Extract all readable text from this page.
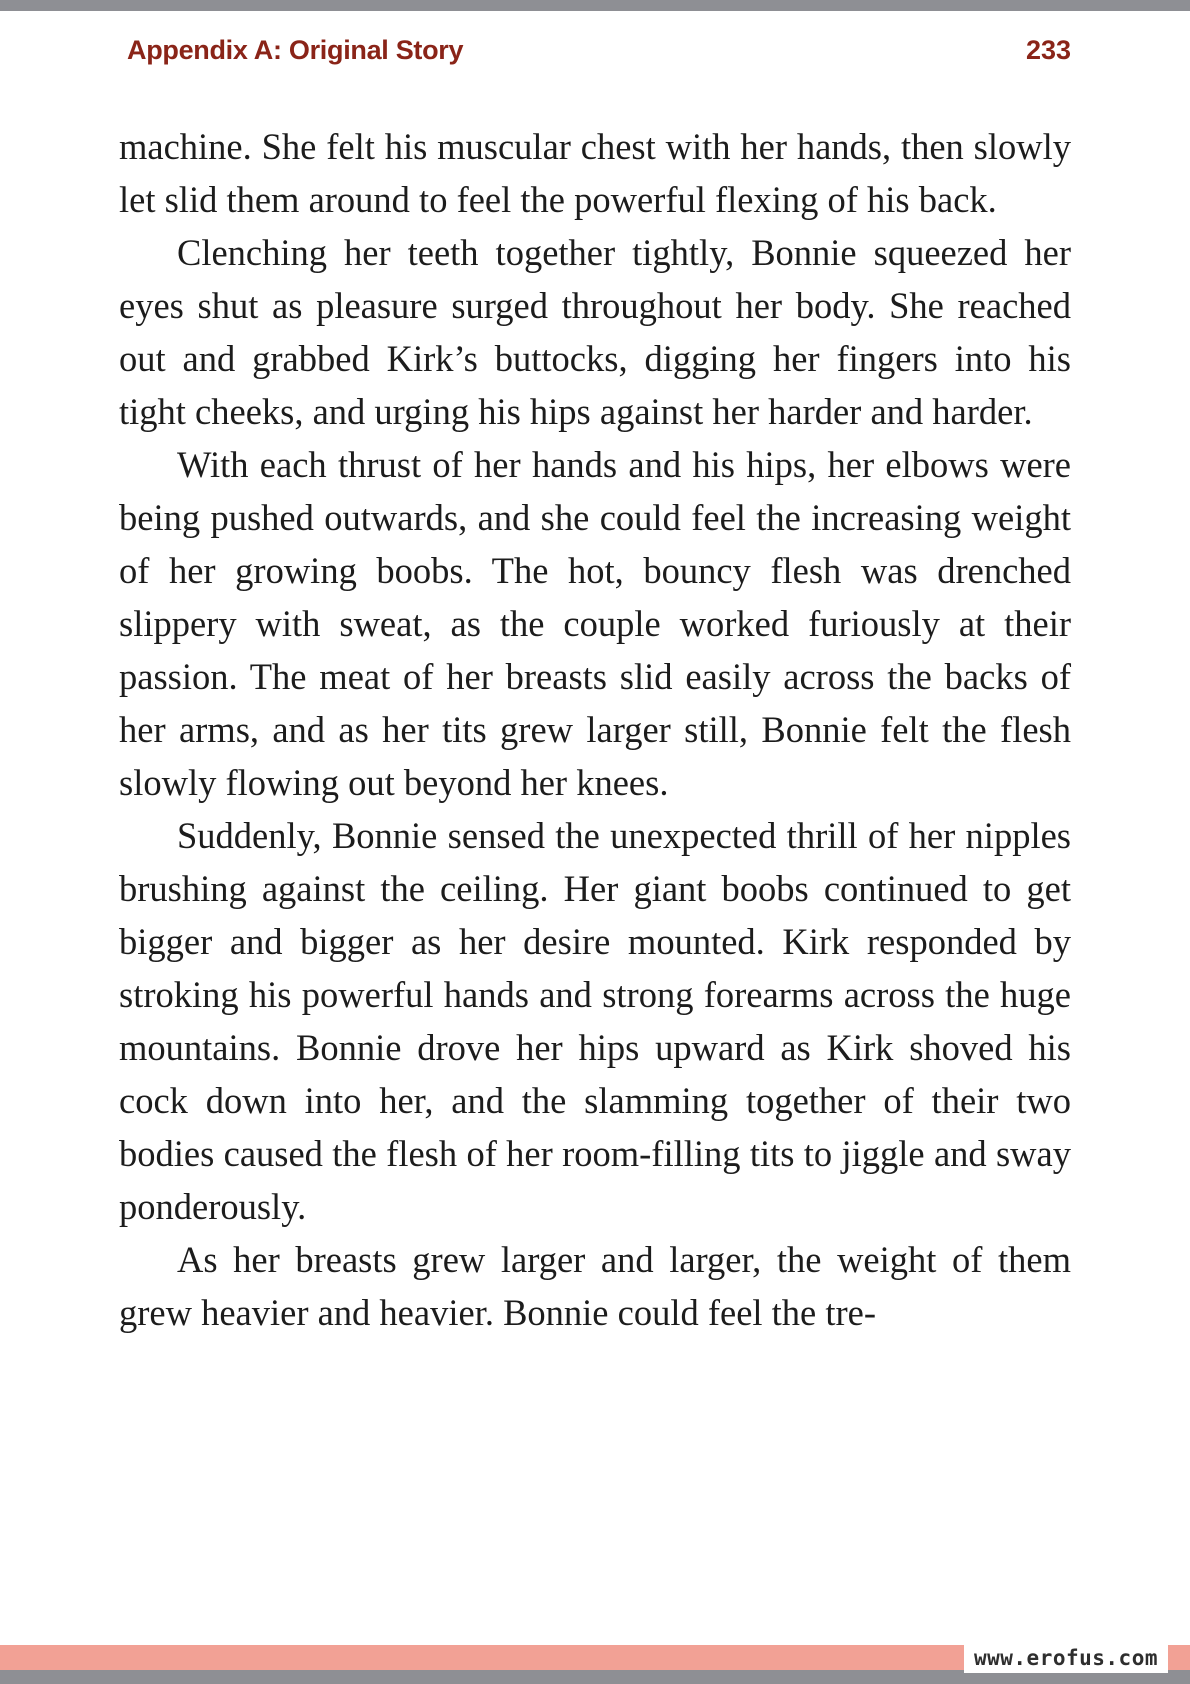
Appendix A: Original Story	233

machine. She felt his muscular chest with her hands, then slowly let slid them around to feel the powerful flexing of his back.

Clenching her teeth together tightly, Bonnie squeezed her eyes shut as pleasure surged throughout her body. She reached out and grabbed Kirk’s buttocks, digging her fingers into his tight cheeks, and urging his hips against her harder and harder.

With each thrust of her hands and his hips, her elbows were being pushed outwards, and she could feel the increasing weight of her growing boobs. The hot, bouncy flesh was drenched slippery with sweat, as the couple worked furiously at their passion. The meat of her breasts slid easily across the backs of her arms, and as her tits grew larger still, Bonnie felt the flesh slowly flowing out beyond her knees.

Suddenly, Bonnie sensed the unexpected thrill of her nipples brushing against the ceiling. Her giant boobs continued to get bigger and bigger as her desire mounted. Kirk responded by stroking his powerful hands and strong forearms across the huge mountains. Bonnie drove her hips upward as Kirk shoved his cock down into her, and the slamming together of their two bodies caused the flesh of her room-filling tits to jiggle and sway ponderously.

As her breasts grew larger and larger, the weight of them grew heavier and heavier. Bonnie could feel the tre-

www.erofus.com
